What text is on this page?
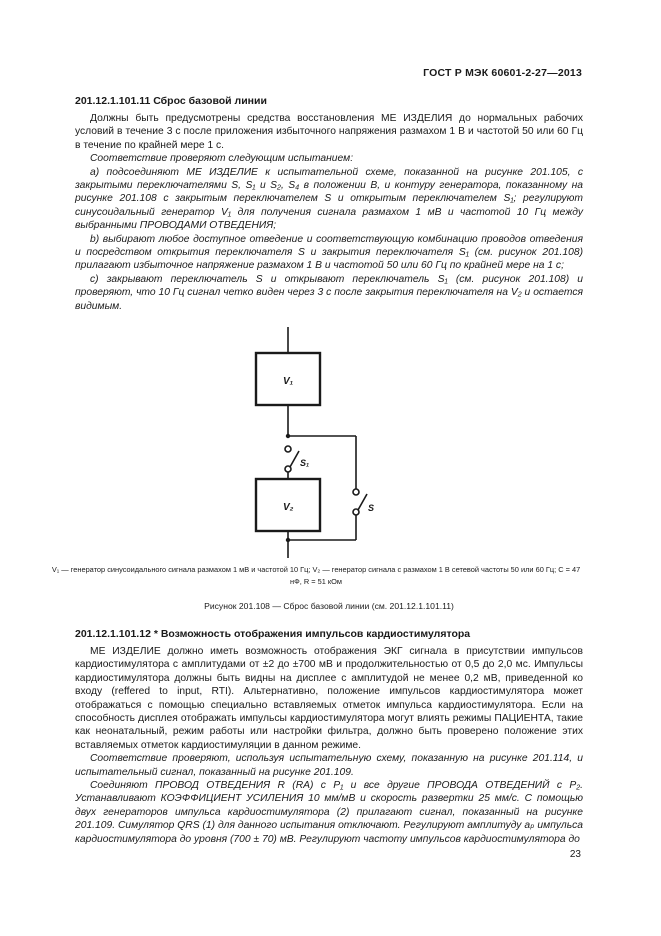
ГОСТ Р МЭК 60601-2-27—2013
201.12.1.101.11 Сброс базовой линии

Должны быть предусмотрены средства восстановления МЕ ИЗДЕЛИЯ до нормальных рабочих условий в течение 3 с после приложения избыточного напряжения размахом 1 В и частотой 50 или 60 Гц в течение по крайней мере 1 с.

Соответствие проверяют следующим испытанием:

a) подсоединяют МЕ ИЗДЕЛИЕ к испытательной схеме, показанной на рисунке 201.105, с закрытыми переключателями S, S₁ и S₂, S₄ в положении B, и контуру генератора, показанному на рисунке 201.108 с закрытым переключателем S и открытым переключателем S₁; регулируют синусоидальный генератор V₁ для получения сигнала размахом 1 мВ и частотой 10 Гц между выбранными ПРОВОДАМИ ОТВЕДЕНИЯ;

b) выбирают любое доступное отведение и соответствующую комбинацию проводов отведения и посредством открытия переключателя S и закрытия переключателя S₁ (см. рисунок 201.108) прилагают избыточное напряжение размахом 1 В и частотой 50 или 60 Гц по крайней мере на 1 с;

c) закрывают переключатель S и открывают переключатель S₁ (см. рисунок 201.108) и проверяют, что 10 Гц сигнал четко виден через 3 с после закрытия переключателя на V₂ и остается видимым.

V₁
V₂
S₁
S
V₁ — генератор синусоидального сигнала размахом 1 мВ и частотой 10 Гц; V₂ — генератор сигнала с размахом 1 В сетевой частоты 50 или 60 Гц; C = 47 нФ, R = 51 кОм
Рисунок 201.108 — Сброс базовой линии (см. 201.12.1.101.11)
201.12.1.101.12 * Возможность отображения импульсов кардиостимулятора

МЕ ИЗДЕЛИЕ должно иметь возможность отображения ЭКГ сигнала в присутствии импульсов кардиостимулятора с амплитудами от ±2 до ±700 мВ и продолжительностью от 0,5 до 2,0 мс. Импульсы кардиостимулятора должны быть видны на дисплее с амплитудой не менее 0,2 мВ, приведенной ко входу (reffered to input, RTI). Альтернативно, положение импульсов кардиостимулятора может отображаться с помощью специально вставляемых отметок импульса кардиостимулятора. Если на способность дисплея отображать импульсы кардиостимулятора могут влиять режимы ПАЦИЕНТА, такие как неонатальный, режим работы или настройки фильтра, должно быть проверено положение этих вставляемых отметок кардиостимуляции в данном режиме.

Соответствие проверяют, используя испытательную схему, показанную на рисунке 201.114, и испытательный сигнал, показанный на рисунке 201.109.

Соединяют ПРОВОД ОТВЕДЕНИЯ R (RA) с P₁ и все другие ПРОВОДА ОТВЕДЕНИЙ с P₂. Устанавливают КОЭФФИЦИЕНТ УСИЛЕНИЯ 10 мм/мВ и скорость развертки 25 мм/с. С помощью двух генераторов импульса кардиостимулятора (2) прилагают сигнал, показанный на рисунке 201.109. Симулятор QRS (1) для данного испытания отключают. Регулируют амплитуду aₚ импульса кардиостимулятора до уровня (700 ± 70) мВ. Регулируют частоту импульсов кардиостимулятора до

23
